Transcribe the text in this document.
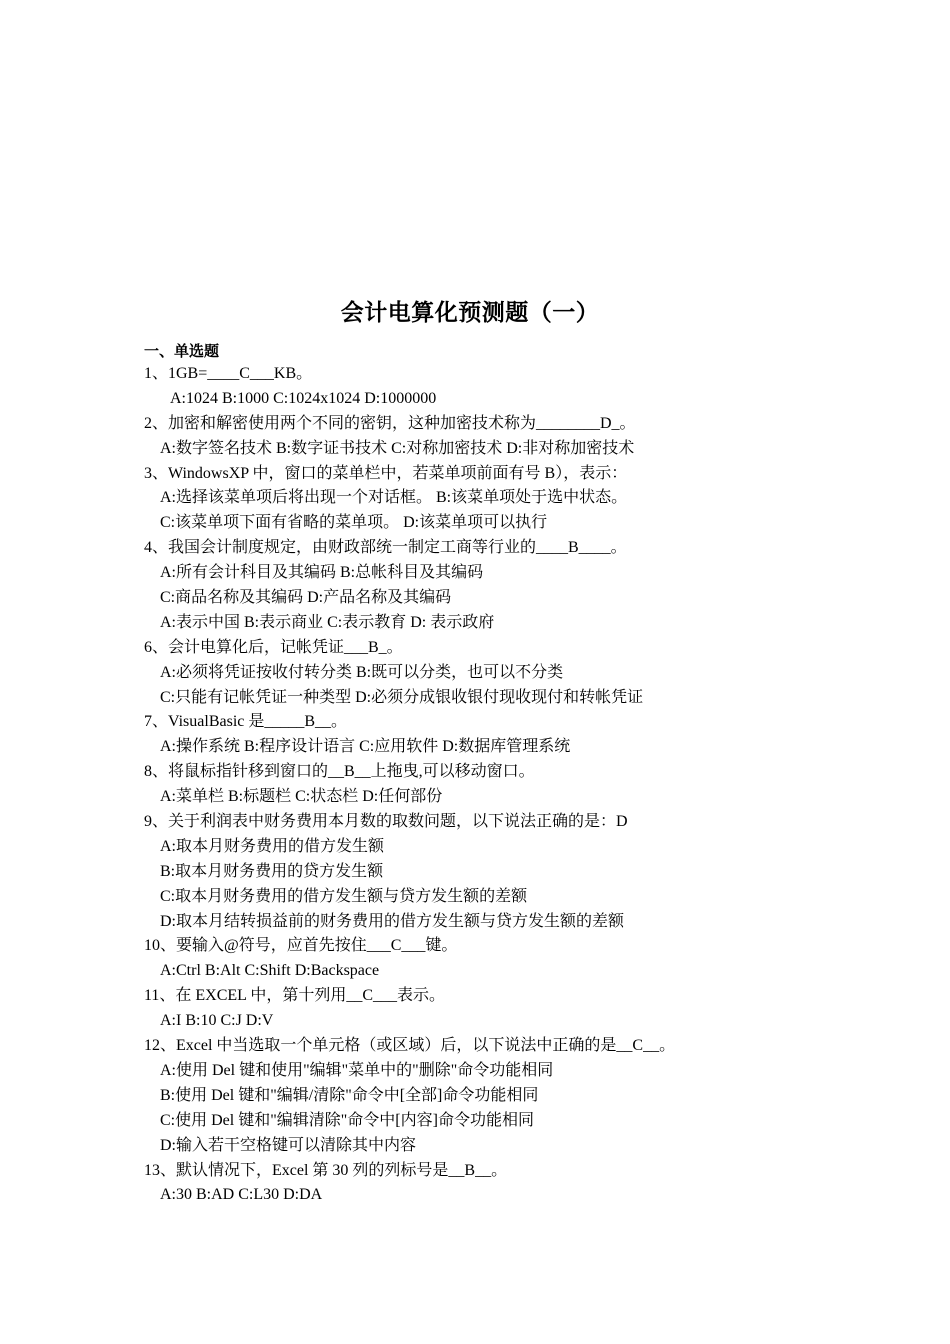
会计电算化预测题（一）
一、单选题
1、1GB=____C___KB。
A:1024 B:1000 C:1024x1024 D:1000000
2、加密和解密使用两个不同的密钥，这种加密技术称为________D_。
A:数字签名技术 B:数字证书技术 C:对称加密技术 D:非对称加密技术
3、WindowsXP 中，窗口的菜单栏中，若菜单项前面有号 B），表示：
A:选择该菜单项后将出现一个对话框。 B:该菜单项处于选中状态。
C:该菜单项下面有省略的菜单项。 D:该菜单项可以执行
4、我国会计制度规定，由财政部统一制定工商等行业的____B____。
A:所有会计科目及其编码 B:总帐科目及其编码
C:商品名称及其编码 D:产品名称及其编码
A:表示中国 B:表示商业 C:表示教育 D: 表示政府
6、会计电算化后，记帐凭证___B_。
A:必须将凭证按收付转分类 B:既可以分类，也可以不分类
C:只能有记帐凭证一种类型 D:必须分成银收银付现收现付和转帐凭证
7、VisualBasic 是_____B__。
A:操作系统 B:程序设计语言 C:应用软件 D:数据库管理系统
8、将鼠标指针移到窗口的__B__上拖曳,可以移动窗口。
A:菜单栏 B:标题栏 C:状态栏 D:任何部份
9、关于利润表中财务费用本月数的取数问题，以下说法正确的是：D
A:取本月财务费用的借方发生额
B:取本月财务费用的贷方发生额
C:取本月财务费用的借方发生额与贷方发生额的差额
D:取本月结转损益前的财务费用的借方发生额与贷方发生额的差额
10、要输入@符号，应首先按住___C___键。
A:Ctrl B:Alt C:Shift D:Backspace
11、在 EXCEL 中，第十列用__C___表示。
A:I B:10 C:J D:V
12、Excel 中当选取一个单元格（或区域）后，以下说法中正确的是__C__。
A:使用 Del 键和使用"编辑"菜单中的"删除"命令功能相同
B:使用 Del 键和"编辑/清除"命令中[全部]命令功能相同
C:使用 Del 键和"编辑清除"命令中[内容]命令功能相同
D:输入若干空格键可以清除其中内容
13、默认情况下，Excel 第 30 列的列标号是__B__。
A:30 B:AD C:L30 D:DA
